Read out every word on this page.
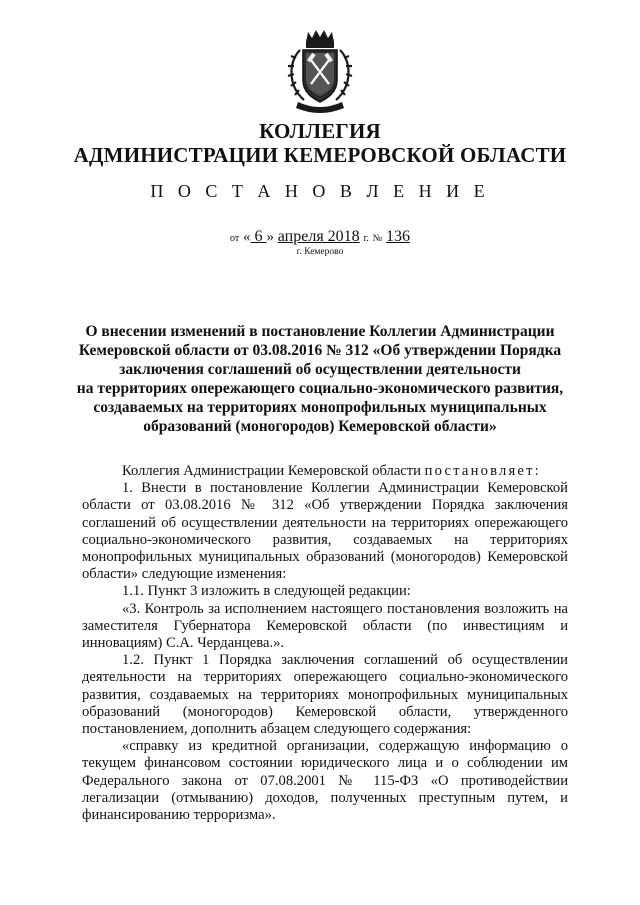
КОЛЛЕГИЯ
АДМИНИСТРАЦИИ КЕМЕРОВСКОЙ ОБЛАСТИ
П О С Т А Н О В Л Е Н И Е
от « 6 » апреля 2018 г. № 136
г. Кемерово
О внесении изменений в постановление Коллегии Администрации
Кемеровской области от 03.08.2016 № 312 «Об утверждении Порядка
заключения соглашений об осуществлении деятельности
на территориях опережающего социально-экономического развития,
создаваемых на территориях монопрофильных муниципальных
образований (моногородов) Кемеровской области»

Коллегия Администрации Кемеровской области постановляет:

1. Внести в постановление Коллегии Администрации Кемеровской области от 03.08.2016 № 312 «Об утверждении Порядка заключения соглашений об осуществлении деятельности на территориях опережающего социально-экономического развития, создаваемых на территориях монопрофильных муниципальных образований (моногородов) Кемеровской области» следующие изменения:

1.1. Пункт 3 изложить в следующей редакции:

«3. Контроль за исполнением настоящего постановления возложить на заместителя Губернатора Кемеровской области (по инвестициям и инновациям) С.А. Черданцева.».

1.2. Пункт 1 Порядка заключения соглашений об осуществлении деятельности на территориях опережающего социально-экономического развития, создаваемых на территориях монопрофильных муниципальных образований (моногородов) Кемеровской области, утвержденного постановлением, дополнить абзацем следующего содержания:

«справку из кредитной организации, содержащую информацию о текущем финансовом состоянии юридического лица и о соблюдении им Федерального закона от 07.08.2001 № 115-ФЗ «О противодействии легализации (отмыванию) доходов, полученных преступным путем, и финансированию терроризма».
